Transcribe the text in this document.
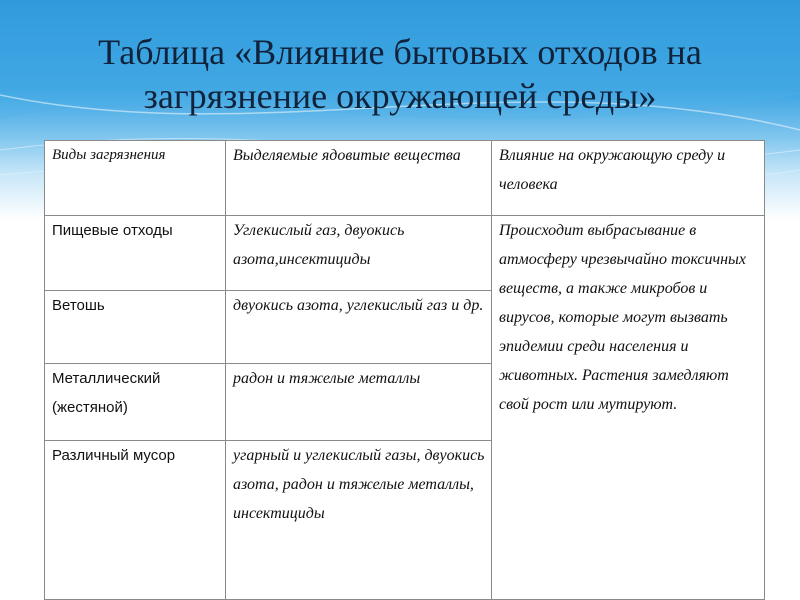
Таблица «Влияние бытовых отходов на загрязнение окружающей среды»
Виды загрязнения	Выделяемые ядовитые вещества	Влияние на окружающую среду и человека
Пищевые отходы	Углекислый газ, двуокись азота,инсектициды	Происходит выбрасывание в атмосферу чрезвычайно токсичных веществ, а также микробов и вирусов, которые могут вызвать эпидемии среди населения и животных. Растения замедляют свой рост или мутируют.
Ветошь	двуокись азота, углекислый газ и др.	
Металлический (жестяной)	радон и тяжелые металлы	
Различный мусор	угарный и углекислый газы, двуокись азота, радон и тяжелые металлы, инсектициды	
